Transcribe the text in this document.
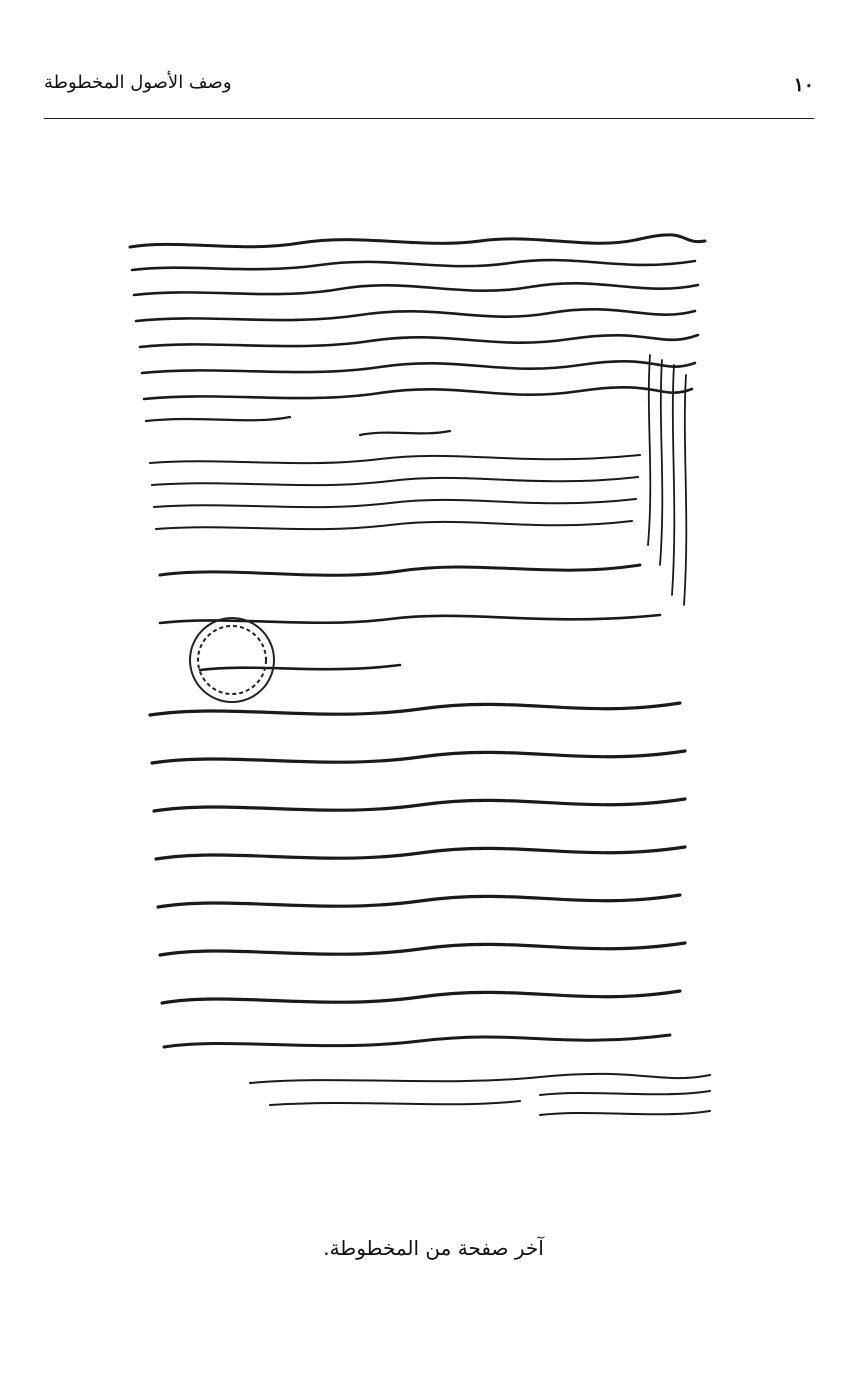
١٠
وصف الأصول المخطوطة
آخر صفحة من المخطوطة.
